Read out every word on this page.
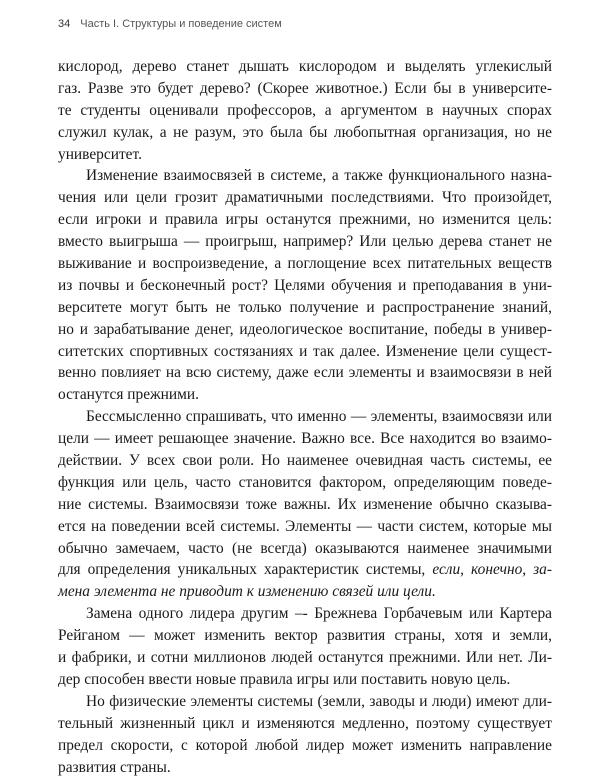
34 Часть I. Структуры и поведение систем
кислород, дерево станет дышать кислородом и выделять углекислый
газ. Разве это будет дерево? (Скорее животное.) Если бы в университе-
те студенты оценивали профессоров, а аргументом в научных спорах
служил кулак, а не разум, это была бы любопытная организация, но не
университет.
Изменение взаимосвязей в системе, а также функционального назна-
чения или цели грозит драматичными последствиями. Что произойдет,
если игроки и правила игры останутся прежними, но изменится цель:
вместо выигрыша — проигрыш, например? Или целью дерева станет не
выживание и воспроизведение, а поглощение всех питательных веществ
из почвы и бесконечный рост? Целями обучения и преподавания в уни-
верситете могут быть не только получение и распространение знаний,
но и зарабатывание денег, идеологическое воспитание, победы в универ-
ситетских спортивных состязаниях и так далее. Изменение цели сущест-
венно повлияет на всю систему, даже если элементы и взаимосвязи в ней
останутся прежними.
Бессмысленно спрашивать, что именно — элементы, взаимосвязи или
цели — имеет решающее значение. Важно все. Все находится во взаимо-
действии. У всех свои роли. Но наименее очевидная часть системы, ее
функция или цель, часто становится фактором, определяющим поведе-
ние системы. Взаимосвязи тоже важны. Их изменение обычно сказыва-
ется на поведении всей системы. Элементы — части систем, которые мы
обычно замечаем, часто (не всегда) оказываются наименее значимыми
для определения уникальных характеристик системы, если, конечно, за-
мена элемента не приводит к изменению связей или цели.
Замена одного лидера другим –- Брежнева Горбачевым или Картера
Рейганом — может изменить вектор развития страны, хотя и земли,
и фабрики, и сотни миллионов людей останутся прежними. Или нет. Ли-
дер способен ввести новые правила игры или поставить новую цель.
Но физические элементы системы (земли, заводы и люди) имеют дли-
тельный жизненный цикл и изменяются медленно, поэтому существует
предел скорости, с которой любой лидер может изменить направление
развития страны.
